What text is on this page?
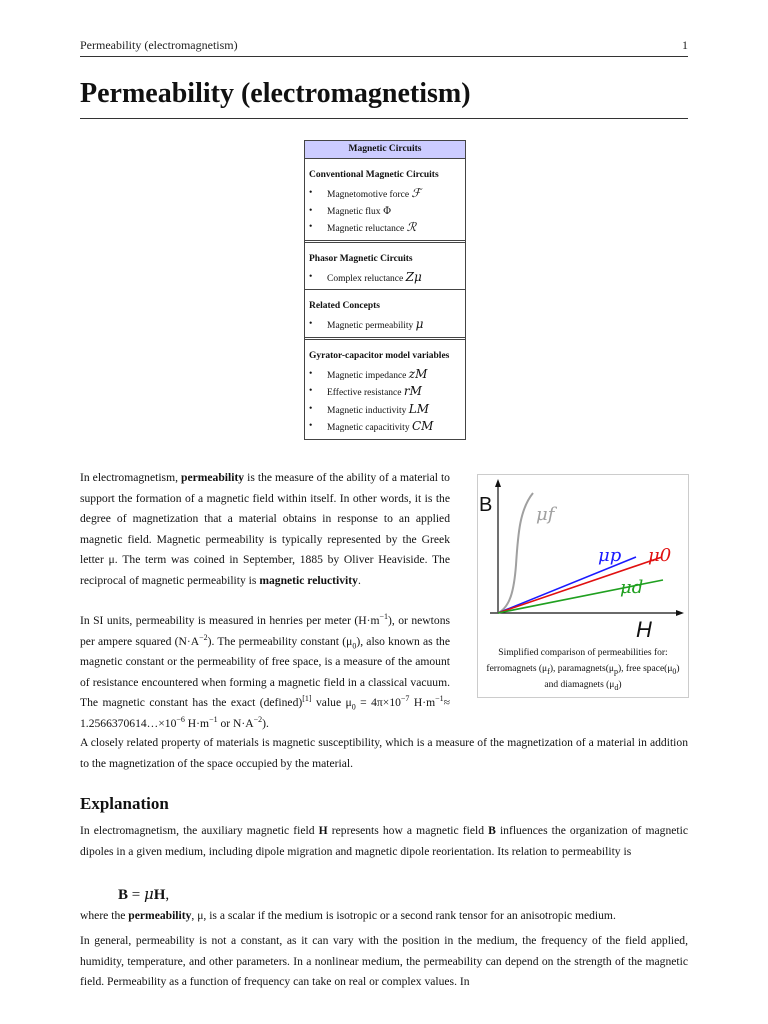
Permeability (electromagnetism)	1
Permeability (electromagnetism)
Magnetic Circuits
Conventional Magnetic Circuits
• Magnetomotive force ℱ
• Magnetic flux Φ
• Magnetic reluctance ℛ
Phasor Magnetic Circuits
• Complex reluctance Zμ
Related Concepts
• Magnetic permeability μ
Gyrator-capacitor model variables
• Magnetic impedance zM
• Effective resistance rM
• Magnetic inductivity LM
• Magnetic capacitivity CM

In electromagnetism, permeability is the measure of the ability of a material to support the formation of a magnetic field within itself. In other words, it is the degree of magnetization that a material obtains in response to an applied magnetic field. Magnetic permeability is typically represented by the Greek letter μ. The term was coined in September, 1885 by Oliver Heaviside. The reciprocal of magnetic permeability is magnetic reluctivity.

In SI units, permeability is measured in henries per meter $(H\cdot m^{-1})$, or newtons per ampere squared $(N\cdot A^{-2})$. The permeability constant $(\mu_0)$, also known as the magnetic constant or the permeability of free space, is a measure of the amount of resistance encountered when forming a magnetic field in a classical vacuum. The magnetic constant has the exact (defined)[1] value $\mu_0 = 4\pi\times 10^{-7}$ $H\cdot m^{-1}\approx$ $1.2566370614\dots\times 10^{-6}$ $H\cdot m^{-1}$ or $N\cdot A^{-2}$).

B
H
μf
μp μ0
μd
Simplified comparison of permeabilities for: ferromagnets $(\mu_f)$, $paramagnets(\mu_p)$, free $space(\mu_0)$ and diamagnets $(\mu_d)$

A closely related property of materials is magnetic susceptibility, which is a measure of the magnetization of a material in addition to the magnetization of the space occupied by the material.

Explanation

In electromagnetism, the auxiliary magnetic field H represents how a magnetic field B influences the organization of magnetic dipoles in a given medium, including dipole migration and magnetic dipole reorientation. Its relation to permeability is

B = μH,

where the permeability, μ, is a scalar if the medium is isotropic or a second rank tensor for an anisotropic medium.

In general, permeability is not a constant, as it can vary with the position in the medium, the frequency of the field applied, humidity, temperature, and other parameters. In a nonlinear medium, the permeability can depend on the strength of the magnetic field. Permeability as a function of frequency can take on real or complex values. In
